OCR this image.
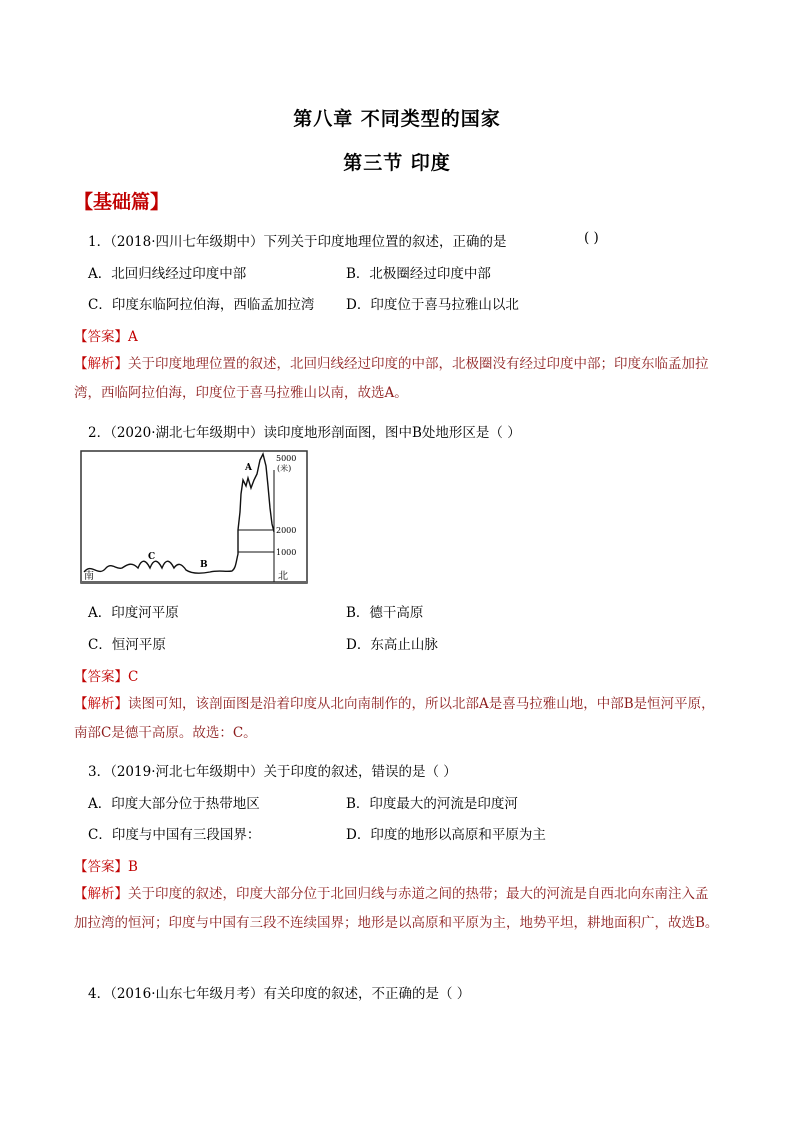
第八章 不同类型的国家
第三节 印度
【基础篇】
1．（2018·四川七年级期中）下列关于印度地理位置的叙述，正确的是	( )
A．北回归线经过印度中部	B．北极圈经过印度中部
C．印度东临阿拉伯海，西临孟加拉湾 D．印度位于喜马拉雅山以北
【答案】A
【解析】关于印度地理位置的叙述，北回归线经过印度的中部，北极圈没有经过印度中部；印度东临孟加拉湾，西临阿拉伯海，印度位于喜马拉雅山以南，故选A。
2．（2020·湖北七年级期中）读印度地形剖面图，图中B处地形区是（ ）
A
B
C
5000
(米)
2000
1000
南	北
A．印度河平原	B．德干高原
C．恒河平原	D．东高止山脉
【答案】C
【解析】读图可知，该剖面图是沿着印度从北向南制作的，所以北部A是喜马拉雅山地，中部B是恒河平原，南部C是德干高原。故选：C。
3．（2019·河北七年级期中）关于印度的叙述，错误的是（ ）
A．印度大部分位于热带地区	B．印度最大的河流是印度河
C．印度与中国有三段国界：	D．印度的地形以高原和平原为主
【答案】B
【解析】关于印度的叙述，印度大部分位于北回归线与赤道之间的热带；最大的河流是自西北向东南注入孟加拉湾的恒河；印度与中国有三段不连续国界；地形是以高原和平原为主，地势平坦，耕地面积广，故选B。
4．（2016·山东七年级月考）有关印度的叙述，不正确的是（ ）
